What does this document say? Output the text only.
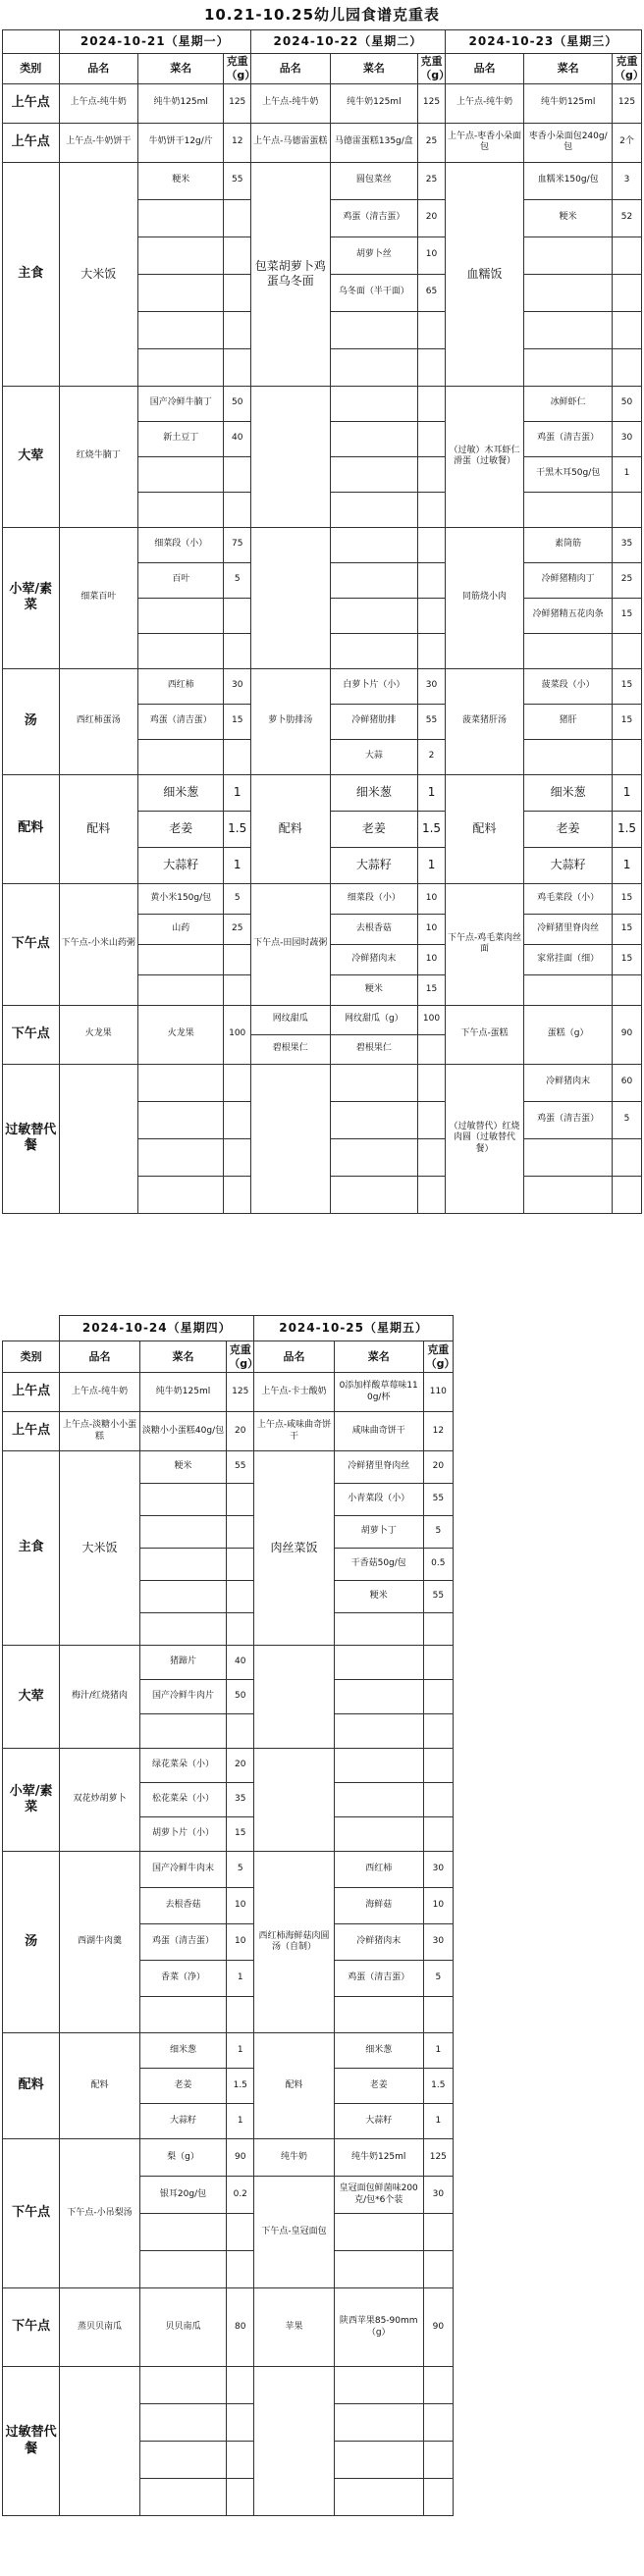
10.21-10.25幼儿园食谱克重表
	2024-10-21（星期一）			2024-10-22（星期二）			2024-10-23（星期三）		
类别	品名	菜名	克重（g）	品名	菜名	克重（g）	品名	菜名	克重（g）
上午点	上午点-纯牛奶	纯牛奶125ml	125	上午点-纯牛奶	纯牛奶125ml	125	上午点-纯牛奶	纯牛奶125ml	125
上午点	上午点-牛奶饼干	牛奶饼干12g/片	12	上午点-马德雷蛋糕	马德雷蛋糕135g/盒	25	上午点-枣香小朵面包	枣香小朵面包240g/包	2个
主食	大米饭	粳米	55	包菜胡萝卜鸡蛋乌冬面	圆包菜丝	25	血糯饭	血糯米150g/包	3
					鸡蛋（清吉蛋）	20		粳米	52
					胡萝卜丝	10			
					乌冬面（半干面）	65			

大荤	红烧牛腩丁	国产冷鲜牛腩丁	50				（过敏）木耳虾仁滑蛋（过敏餐）	冰鲜虾仁	50
		新土豆丁	40					鸡蛋（清吉蛋）	30
								干黑木耳50g/包	1

小荤/素菜	细菜百叶	细菜段（小）	75				同筋烧小肉	素筒筋	35
		百叶	5					冷鲜猪精肉丁	25
								冷鲜猪精五花肉条	15

汤	西红柿蛋汤	西红柿	30	萝卜肋排汤	白萝卜片（小）	30	菠菜猪肝汤	菠菜段（小）	15
		鸡蛋（清吉蛋）	15		冷鲜猪肋排	55		猪肝	15
					大蒜	2			
配料	配料	细米葱	1	配料	细米葱	1	配料	细米葱	1
		老姜	1.5		老姜	1.5		老姜	1.5
		大蒜籽	1		大蒜籽	1		大蒜籽	1
下午点	下午点-小米山药粥	黄小米150g/包	5	下午点-田园时蔬粥	细菜段（小）	10	下午点-鸡毛菜肉丝面	鸡毛菜段（小）	15
		山药	25		去根香菇	10		冷鲜猪里脊肉丝	15
					冷鲜猪肉末	10		家常挂面（细）	15
					粳米	15			
下午点	火龙果	火龙果	100	网纹甜瓜	网纹甜瓜（g）	100	下午点-蛋糕	蛋糕（g）	90
				碧根果仁	碧根果仁				
过敏替代餐							（过敏替代）红烧肉圆（过敏替代餐）	冷鲜猪肉末	60
								鸡蛋（清吉蛋）	5

	2024-10-24（星期四）			2024-10-25（星期五）		
类别	品名	菜名	克重（g）	品名	菜名	克重（g）
上午点	上午点-纯牛奶	纯牛奶125ml	125	上午点-卡士酸奶	0添加样酸草莓味110g/杯	110
上午点	上午点-淡糖小小蛋糕	淡糖小小蛋糕40g/包	20	上午点-咸味曲奇饼干	咸味曲奇饼干	12
主食	大米饭	粳米	55	肉丝菜饭	冷鲜猪里脊肉丝	20
					小青菜段（小）	55
					胡萝卜丁	5
					干香菇50g/包	0.5
					粳米	55

大荤	梅汁/红烧猪肉	猪蹄片	40			
		国产冷鲜牛肉片	50			

小荤/素菜	双花炒胡萝卜	绿花菜朵（小）	20			
		松花菜朵（小）	35			
		胡萝卜片（小）	15			
汤	西湖牛肉羹	国产冷鲜牛肉末	5	西红柿海鲜菇肉圆汤（自制）	西红柿	30
		去根香菇	10		海鲜菇	10
		鸡蛋（清吉蛋）	10		冷鲜猪肉末	30
		香菜（净）	1		鸡蛋（清吉蛋）	5

配料	配料	细米葱	1	配料	细米葱	1
		老姜	1.5		老姜	1.5
		大蒜籽	1		大蒜籽	1
下午点	下午点-小吊梨汤	梨（g）	90	纯牛奶	纯牛奶125ml	125
		银耳20g/包	0.2	下午点-皇冠面包	皇冠面包鲜菌味200克/包*6个装	30

下午点	蒸贝贝南瓜	贝贝南瓜	80	苹果	陕西苹果85-90mm（g）	90

过敏替代餐						
